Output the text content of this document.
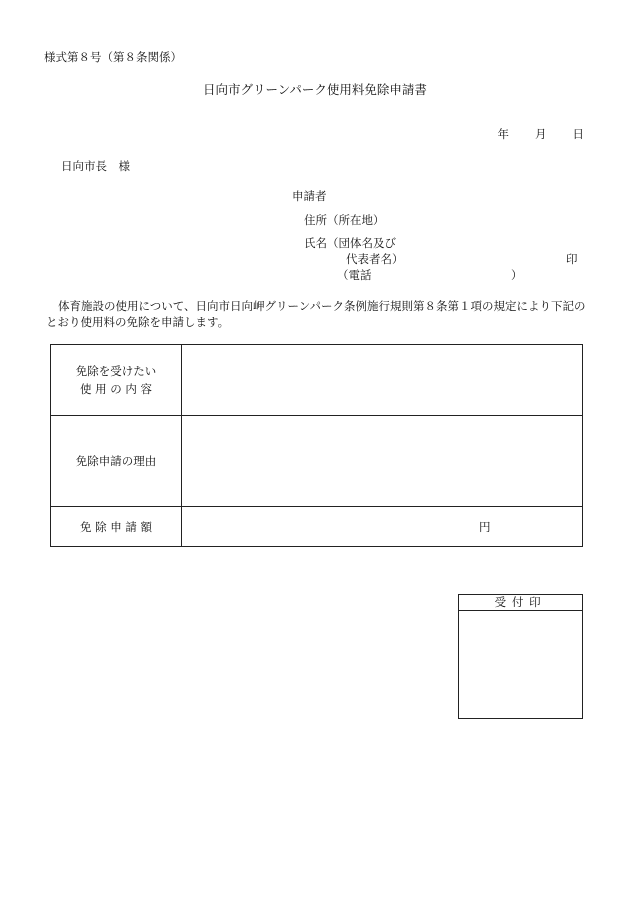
様式第８号（第８条関係）
日向市グリーンパーク使用料免除申請書
年 月 日
日向市長　様
申請者
住所（所在地）
氏名（団体名及び
代表者名）	印
（電話	）
体育施設の使用について、日向市日向岬グリーンパーク条例施行規則第８条第１項の規定により下記のとおり使用料の免除を申請します。
免除を受けたい
使 用 の 内 容	

免除申請の理由	
免 除 申 請 額	円
受付印
